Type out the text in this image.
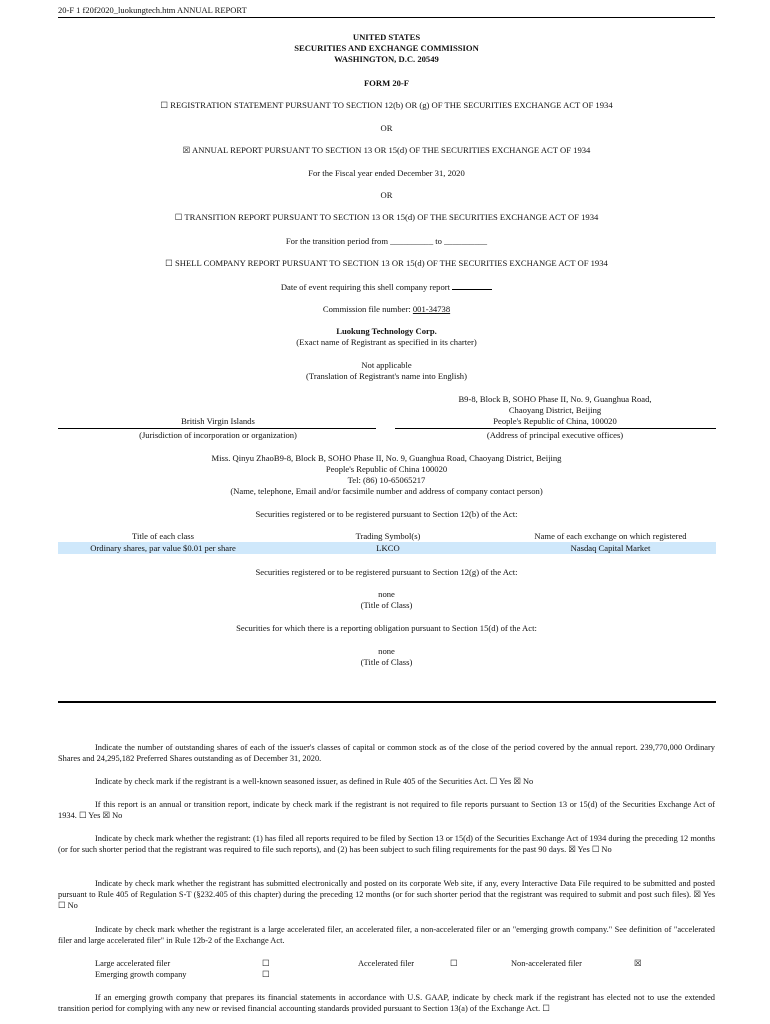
20-F 1 f20f2020_luokungtech.htm ANNUAL REPORT
UNITED STATES
SECURITIES AND EXCHANGE COMMISSION
WASHINGTON, D.C. 20549
FORM 20-F
☐ REGISTRATION STATEMENT PURSUANT TO SECTION 12(b) OR (g) OF THE SECURITIES EXCHANGE ACT OF 1934
OR
☒ ANNUAL REPORT PURSUANT TO SECTION 13 OR 15(d) OF THE SECURITIES EXCHANGE ACT OF 1934
For the Fiscal year ended December 31, 2020
OR
☐ TRANSITION REPORT PURSUANT TO SECTION 13 OR 15(d) OF THE SECURITIES EXCHANGE ACT OF 1934
For the transition period from __________ to __________
☐ SHELL COMPANY REPORT PURSUANT TO SECTION 13 OR 15(d) OF THE SECURITIES EXCHANGE ACT OF 1934
Date of event requiring this shell company report
Commission file number: 001-34738
Luokung Technology Corp.
(Exact name of Registrant as specified in its charter)
Not applicable
(Translation of Registrant's name into English)
B9-8, Block B, SOHO Phase II, No. 9, Guanghua Road,
Chaoyang District, Beijing
British Virgin Islands	People's Republic of China, 100020
(Jurisdiction of incorporation or organization)	(Address of principal executive offices)
Miss. Qinyu ZhaoB9-8, Block B, SOHO Phase II, No. 9, Guanghua Road, Chaoyang District, Beijing
People's Republic of China 100020
Tel: (86) 10-65065217
(Name, telephone, Email and/or facsimile number and address of company contact person)
Securities registered or to be registered pursuant to Section 12(b) of the Act:
Title of each class	Trading Symbol(s)	Name of each exchange on which registered
Ordinary shares, par value $0.01 per share	LKCO	Nasdaq Capital Market
Securities registered or to be registered pursuant to Section 12(g) of the Act:
none
(Title of Class)
Securities for which there is a reporting obligation pursuant to Section 15(d) of the Act:
none
(Title of Class)
Indicate the number of outstanding shares of each of the issuer's classes of capital or common stock as of the close of the period covered by the annual report. 239,770,000 Ordinary Shares and 24,295,182 Preferred Shares outstanding as of December 31, 2020.
Indicate by check mark if the registrant is a well-known seasoned issuer, as defined in Rule 405 of the Securities Act. ☐ Yes ☒ No
If this report is an annual or transition report, indicate by check mark if the registrant is not required to file reports pursuant to Section 13 or 15(d) of the Securities Exchange Act of 1934. ☐ Yes ☒ No
Indicate by check mark whether the registrant: (1) has filed all reports required to be filed by Section 13 or 15(d) of the Securities Exchange Act of 1934 during the preceding 12 months (or for such shorter period that the registrant was required to file such reports), and (2) has been subject to such filing requirements for the past 90 days. ☒ Yes ☐ No
Indicate by check mark whether the registrant has submitted electronically and posted on its corporate Web site, if any, every Interactive Data File required to be submitted and posted pursuant to Rule 405 of Regulation S-T (§232.405 of this chapter) during the preceding 12 months (or for such shorter period that the registrant was required to submit and post such files). ☒ Yes ☐ No
Indicate by check mark whether the registrant is a large accelerated filer, an accelerated filer, a non-accelerated filer or an "emerging growth company." See definition of "accelerated filer and large accelerated filer" in Rule 12b-2 of the Exchange Act.
Large accelerated filer	☐	Accelerated filer	☐	Non-accelerated filer	☒
Emerging growth company	☐
If an emerging growth company that prepares its financial statements in accordance with U.S. GAAP, indicate by check mark if the registrant has elected not to use the extended transition period for complying with any new or revised financial accounting standards provided pursuant to Section 13(a) of the Exchange Act. ☐
